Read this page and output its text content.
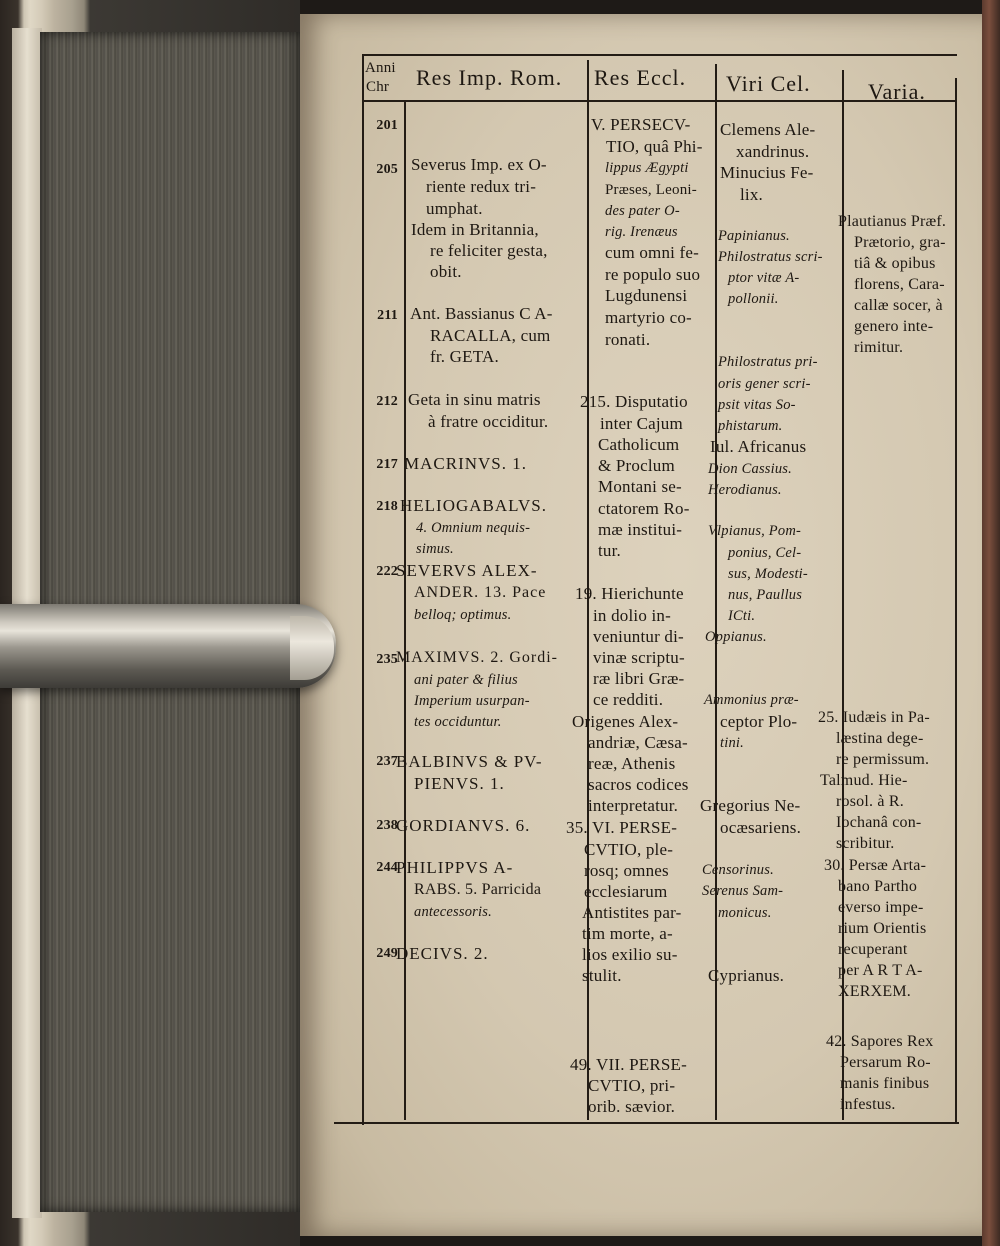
Anni
Chr Res Imp. Rom. Res Eccl. Viri Cel.	Varia.
201
205
211
212
217
218
222
235
237
238
244
249
Severus Imp. ex O-
riente redux tri-
umphat.
Idem in Britannia,
re feliciter gesta,
obit.
Ant. Bassianus C A-
RACALLA, cum
fr. GETA.
Geta in sinu matris
à fratre occiditur.
MACRINVS. 1.
HELIOGABALVS.
4. Omnium nequis-
simus.
SEVERVS ALEX-
ANDER. 13. Pace
belloq; optimus.
MAXIMVS. 2. Gordi-
ani pater & filius
Imperium usurpan-
tes occiduntur.
BALBINVS & PV-
PIENVS. 1.
GORDIANVS. 6.
PHILIPPVS A-
RABS. 5. Parricida
antecessoris.
DECIVS. 2.
V. PERSECV-
TIO, quâ Phi-
lippus Ægypti
Præses, Leoni-
des pater O-
rig. Irenæus
cum omni fe-
re populo suo
Lugdunensi
martyrio co-
ronati.
215. Disputatio
inter Cajum
Catholicum
& Proclum
Montani se-
ctatorem Ro-
mæ institui-
tur.
19. Hierichunte
in dolio in-
veniuntur di-
vinæ scriptu-
ræ libri Græ-
ce redditi.
Origenes Alex-
andriæ, Cæsa-
reæ, Athenis
sacros codices
interpretatur.
35. VI. PERSE-
CVTIO, ple-
rosq; omnes
ecclesiarum
Antistites par-
tim morte, a-
lios exilio su-
stulit.
49. VII. PERSE-
CVTIO, pri-
orib. sævior.
Clemens Ale-
xandrinus.
Minucius Fe-
lix.
Papinianus.
Philostratus scri-
ptor vitæ A-
pollonii.
Philostratus pri-
oris gener scri-
psit vitas So-
phistarum.
Iul. Africanus
Dion Cassius.
Herodianus.
Vlpianus, Pom-
ponius, Cel-
sus, Modesti-
nus, Paullus
ICti.
Oppianus.
Ammonius præ-
ceptor Plo-
tini.
Gregorius Ne-
ocæsariens.
Censorinus.
Serenus Sam-
monicus.
Cyprianus.
Plautianus Præf.
Prætorio, gra-
tiâ & opibus
florens, Cara-
callæ socer, à
genero inte-
rimitur.
25. Iudæis in Pa-
læstina dege-
re permissum.
Talmud. Hie-
rosol. à R.
Iochanâ con-
scribitur.
30. Persæ Arta-
bano Partho
everso impe-
rium Orientis
recuperant
per A R T A-
XERXEM.
42. Sapores Rex
Persarum Ro-
manis finibus
infestus.
